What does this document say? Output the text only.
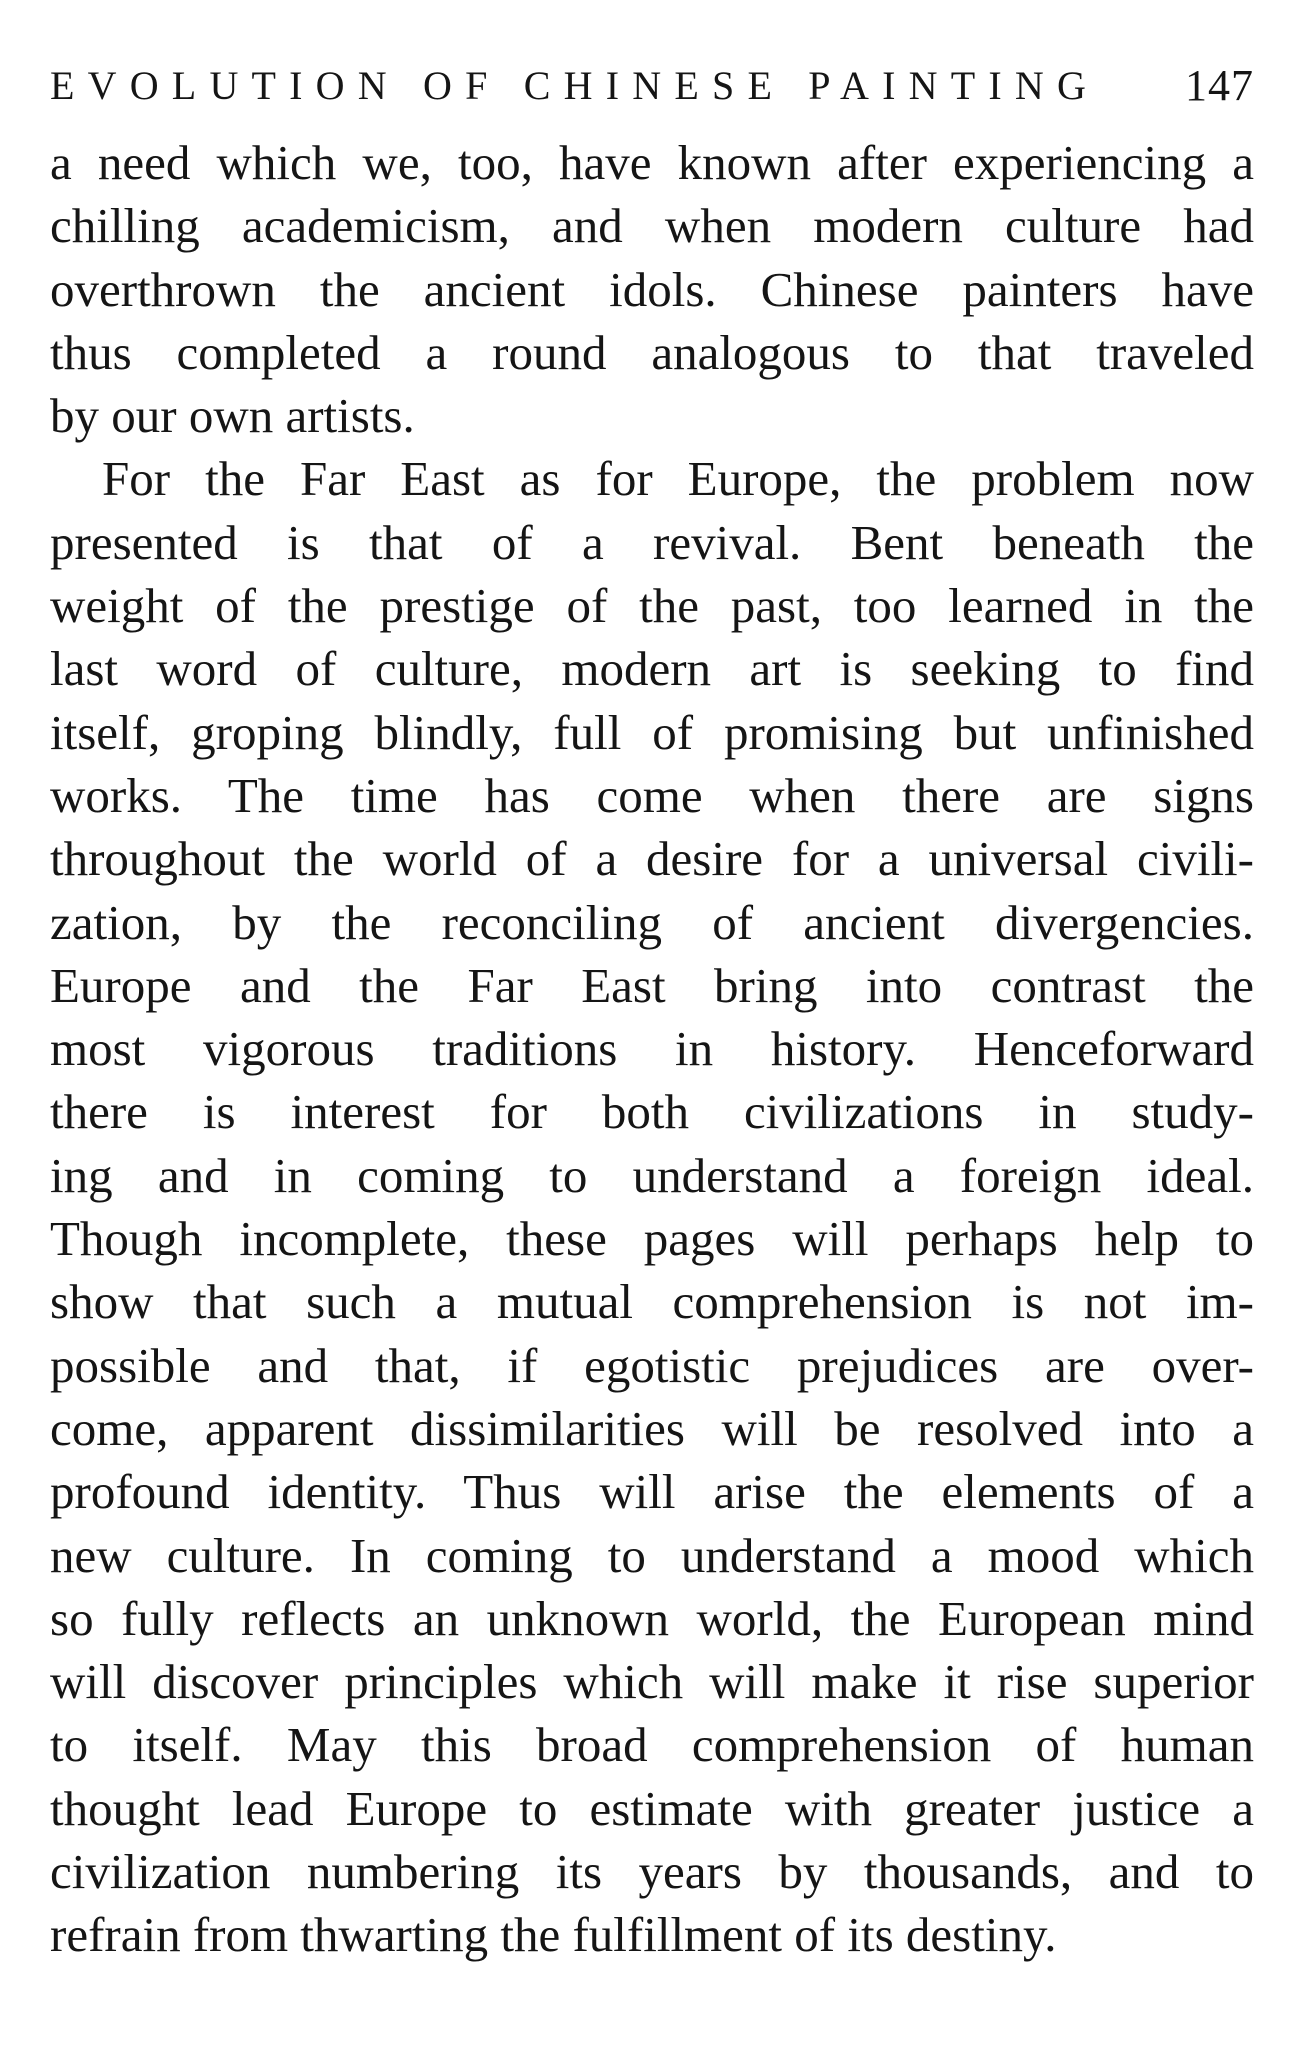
EVOLUTION OF CHINESE PAINTING 147
a need which we, too, have known after experiencing a
chilling academicism, and when modern culture had
overthrown the ancient idols. Chinese painters have
thus completed a round analogous to that traveled
by our own artists.
For the Far East as for Europe, the problem now
presented is that of a revival. Bent beneath the
weight of the prestige of the past, too learned in the
last word of culture, modern art is seeking to find
itself, groping blindly, full of promising but unfinished
works. The time has come when there are signs
throughout the world of a desire for a universal civili-
zation, by the reconciling of ancient divergencies.
Europe and the Far East bring into contrast the
most vigorous traditions in history. Henceforward
there is interest for both civilizations in study-
ing and in coming to understand a foreign ideal.
Though incomplete, these pages will perhaps help to
show that such a mutual comprehension is not im-
possible and that, if egotistic prejudices are over-
come, apparent dissimilarities will be resolved into a
profound identity. Thus will arise the elements of a
new culture. In coming to understand a mood which
so fully reflects an unknown world, the European mind
will discover principles which will make it rise superior
to itself. May this broad comprehension of human
thought lead Europe to estimate with greater justice a
civilization numbering its years by thousands, and to
refrain from thwarting the fulfillment of its destiny.
